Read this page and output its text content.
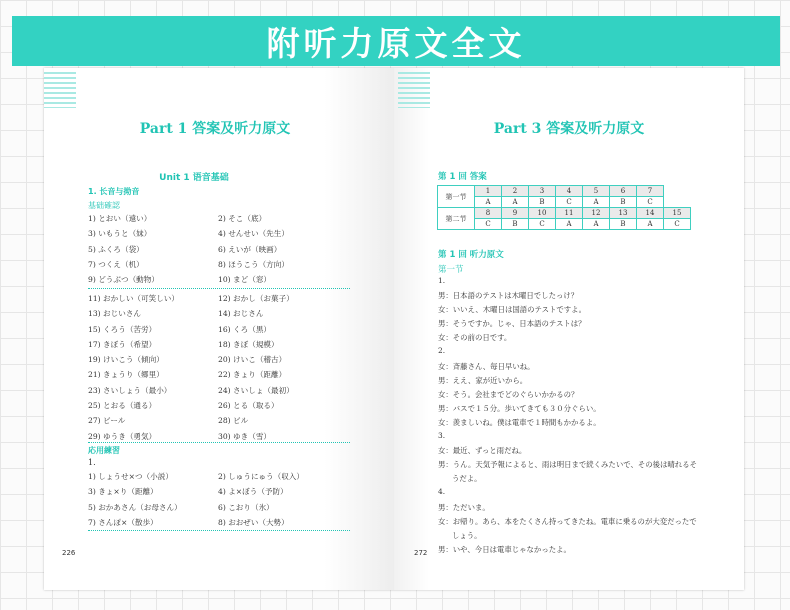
附听力原文全文
Part 1 答案及听力原文
Unit 1 语音基础
1. 长音与拗音
基础確認
1) とおい（遠い）	2) そこ（底）
3) いもうと（妹）	4) せんせい（先生）
5) ふくろ（袋）	6) えいが（映画）
7) つくえ（机）	8) ほうこう（方向）
9) どうぶつ（動物）	10) まど（窓）
11) おかしい（可笑しい）	12) おかし（お菓子）
13) おじいさん	14) おじさん
15) くろう（苦労）	16) くろ（黒）
17) きぼう（希望）	18) きぼ（規模）
19) けいこう（傾向）	20) けいこ（稽古）
21) きょうり（郷里）	22) きょり（距離）
23) さいしょう（最小）	24) さいしょ（最初）
25) とおる（通る）	26) とる（取る）
27) ビール	28) ビル
29) ゆうき（勇気）	30) ゆき（雪）
応用練習
1.
1) しょうせ×つ（小説）	2) しゅうにゅう（収入）
3) きょ×り（距離）	4) よ×ぼう（予防）
5) おかあさん（お母さん）	6) こおり（氷）
7) さんぽ×（散歩）	8) おおぜい（大勢）
226
Part 3 答案及听力原文
第 1 回 答案
第一节	1	2	3	4	5	6	7	
	A	A	B	C	A	B	C	
第二节	8	9	10	11	12	13	14	15
	C	B	C	A	A	B	A	C
第 1 回 听力原文
第一节
1.
男：日本語のテストは木曜日でしたっけ？
女：いいえ、木曜日は国語のテストですよ。
男：そうですか。じゃ、日本語のテストは？
女：その前の日です。
2.
女：斉藤さん、毎日早いね。
男：ええ、家が近いから。
女：そう。会社までどのぐらいかかるの？
男：バスで１５分。歩いてきても３０分ぐらい。
女：羨ましいね。僕は電車で１時間もかかるよ。
3.
女：最近、ずっと雨だね。
男：うん。天気予報によると、雨は明日まで続くみたいで、その後は晴れるそ
うだよ。
4.
男：ただいま。
女：お帰り。あら、本をたくさん持ってきたね。電車に乗るのが大変だったで
しょう。
男：いや、今日は電車じゃなかったよ。
272
